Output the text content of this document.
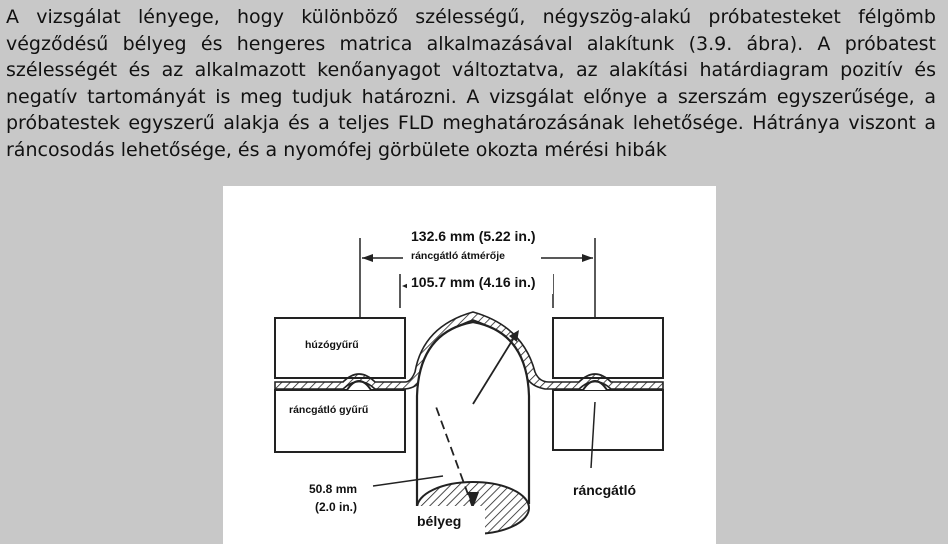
A vizsgálat lényege, hogy különböző szélességű, négyszög-alakú próbatesteket félgömb végződésű bélyeg és hengeres matrica alkalmazásával alakítunk (3.9. ábra). A próbatest szélességét és az alkalmazott kenőanyagot változtatva, az alakítási határdiagram pozitív és negatív tartományát is meg tudjuk határozni. A vizsgálat előnye a szerszám egyszerűsége, a próbatestek egyszerű alakja és a teljes FLD meghatározásának lehetősége. Hátránya viszont a ráncosodás lehetősége, és a nyomófej görbülete okozta mérési hibák

132.6 mm (5.22 in.)

ráncgátló átmérője

105.7 mm (4.16 in.)

húzógyűrű

ráncgátló gyűrű

50.8 mm

(2.0 in.)

bélyeg

ráncgátló
